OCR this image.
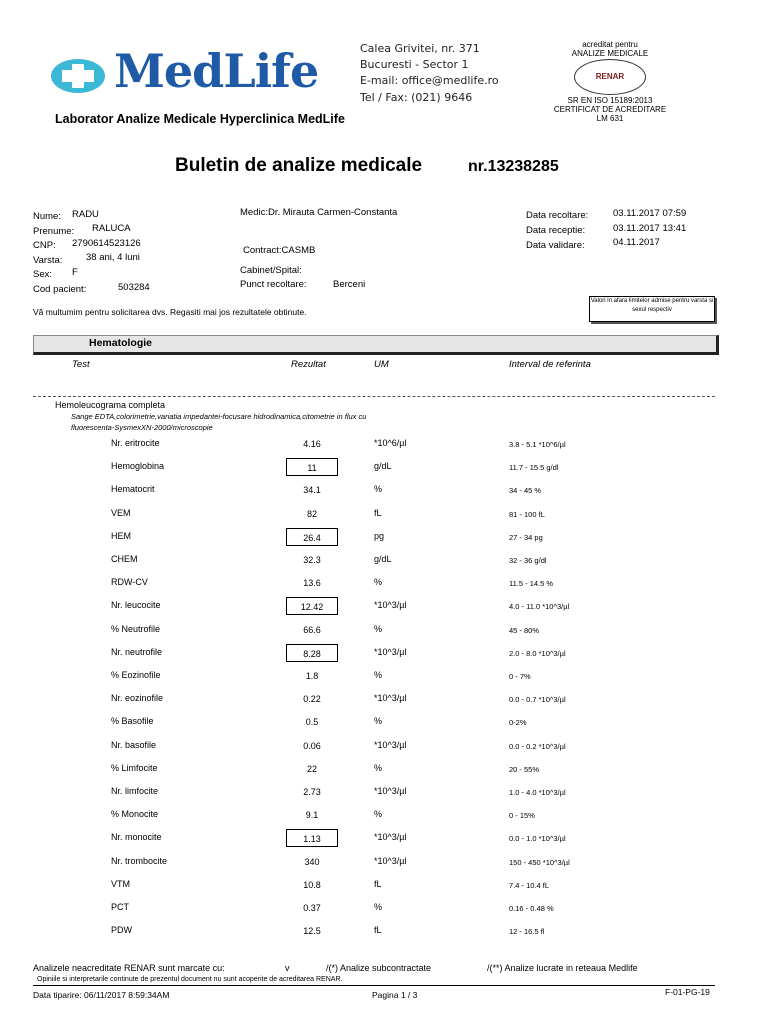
MedLife	Calea Grivitei, nr. 371
Bucuresti - Sector 1
E-mail: office@medlife.ro
Tel / Fax: (021) 9646
acreditat pentru
ANALIZE MEDICALE
RENAR
SR EN ISO 15189:2013
CERTIFICAT DE ACREDITARE
LM 631
Laborator Analize Medicale Hyperclinica MedLife
Buletin de analize medicale	nr.13238285
Nume: RADU
Prenume: RALUCA
CNP: 2790614523126
Varsta: 38 ani, 4 luni
Sex: F
Cod pacient:	503284
Medic:Dr. Mirauta Carmen-Constanta
Contract:CASMB
Cabinet/Spital:
Punct recoltare:	Berceni
Data recoltare:	03.11.2017 07:59
Data receptie:	03.11.2017 13:41
Data validare:	04.11.2017
Vă multumim pentru solicitarea dvs. Regasiti mai jos rezultatele obtinute.
Valori in afara limitelor admise pentru varsta si sexul respectiv
Hematologie
Test	Rezultat	UM	Interval de referinta
Hemoleucograma completa
Sange EDTA,colorimetrie,variatia impedantei-focusare hidrodinamica,citometrie in flux cu
fluorescenta-SysmexXN-2000/microscopie
Nr. eritrocite	4.16	*10^6/µl	3.8 - 5.1 *10^6/µl
Hemoglobina	11	g/dL	11.7 - 15.5 g/dl
Hematocrit	34.1	%	34 - 45 %
VEM	82	fL	81 - 100 fL
HEM	26.4	pg	27 - 34 pg
CHEM	32.3	g/dL	32 - 36 g/dl
RDW-CV	13.6	%	11.5 - 14.5 %
Nr. leucocite	12.42	*10^3/µl	4.0 - 11.0 *10^3/µl
% Neutrofile	66.6	%	45 - 80%
Nr. neutrofile	8.28	*10^3/µl	2.0 - 8.0 *10^3/µl
% Eozinofile	1.8	%	0 - 7%
Nr. eozinofile	0.22	*10^3/µl	0.0 - 0.7 *10^3/µl
% Basofile	0.5	%	0-2%
Nr. basofile	0.06	*10^3/µl	0.0 - 0.2 *10^3/µl
% Limfocite	22	%	20 - 55%
Nr. limfocite	2.73	*10^3/µl	1.0 - 4.0 *10^3/µl
% Monocite	9.1	%	0 - 15%
Nr. monocite	1.13	*10^3/µl	0.0 - 1.0 *10^3/µl
Nr. trombocite	340	*10^3/µl	150 - 450 *10^3/µl
VTM	10.8	fL	7.4 - 10.4 fL
PCT	0.37	%	0.16 - 0.48 %
PDW	12.5	fL	12 - 16.5 fl
Analizele neacreditate RENAR sunt marcate cu:	v	/(*) Analize subcontractate	/(**) Analize lucrate in reteaua Medlife
Opiniile si interpretarile continute de prezentul document nu sunt acoperite de acreditarea RENAR.
Data tiparire: 06/11/2017 8:59:34AM	Pagina 1 / 3	F-01-PG-19
